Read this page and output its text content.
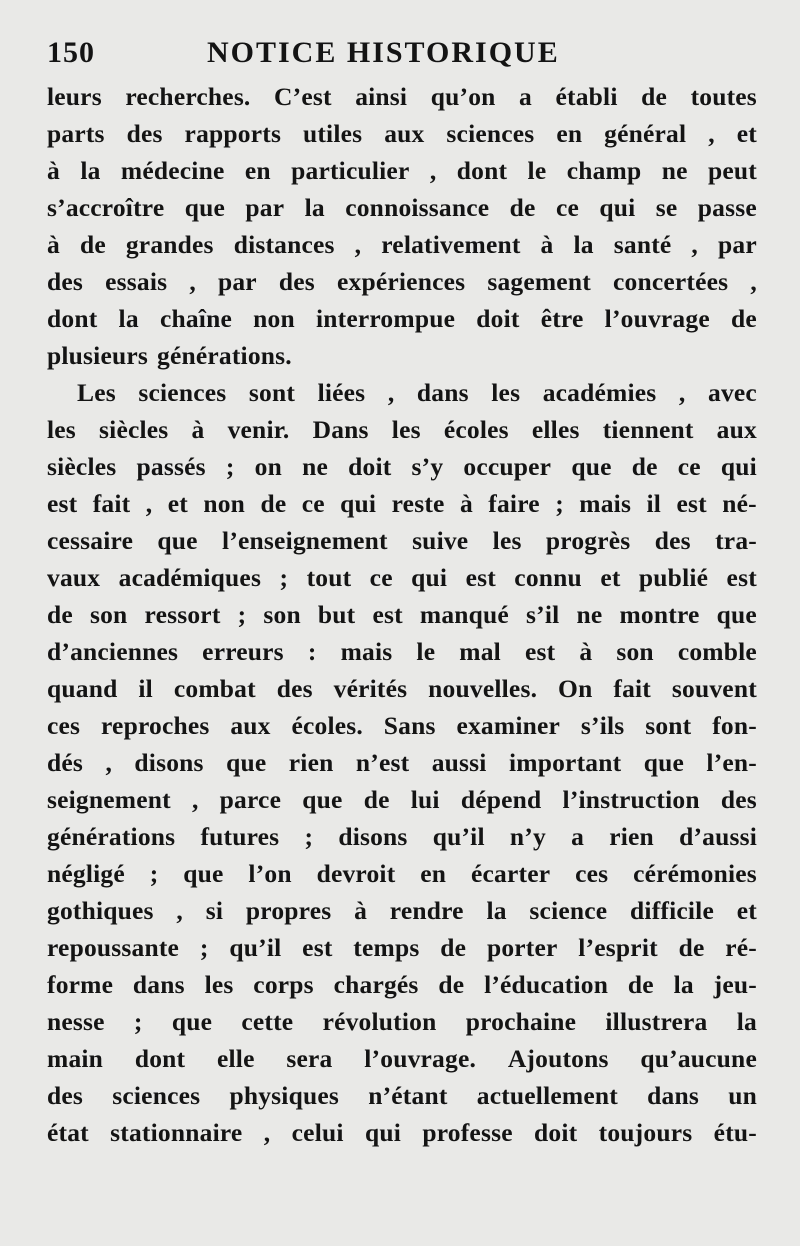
150	NOTICE HISTORIQUE
leurs recherches. C’est ainsi qu’on a établi de toutes
parts des rapports utiles aux sciences en général , et
à la médecine en particulier , dont le champ ne peut
s’accroître que par la connoissance de ce qui se passe
à de grandes distances , relativement à la santé , par
des essais , par des expériences sagement concertées ,
dont la chaîne non interrompue doit être l’ouvrage de
plusieurs générations.
Les sciences sont liées , dans les académies , avec
les siècles à venir. Dans les écoles elles tiennent aux
siècles passés ; on ne doit s’y occuper que de ce qui
est fait , et non de ce qui reste à faire ; mais il est né-
cessaire que l’enseignement suive les progrès des tra-
vaux académiques ; tout ce qui est connu et publié est
de son ressort ; son but est manqué s’il ne montre que
d’anciennes erreurs : mais le mal est à son comble
quand il combat des vérités nouvelles. On fait souvent
ces reproches aux écoles. Sans examiner s’ils sont fon-
dés , disons que rien n’est aussi important que l’en-
seignement , parce que de lui dépend l’instruction des
générations futures ; disons qu’il n’y a rien d’aussi
négligé ; que l’on devroit en écarter ces cérémonies
gothiques , si propres à rendre la science difficile et
repoussante ; qu’il est temps de porter l’esprit de ré-
forme dans les corps chargés de l’éducation de la jeu-
nesse ; que cette révolution prochaine illustrera la
main dont elle sera l’ouvrage. Ajoutons qu’aucune
des sciences physiques n’étant actuellement dans un
état stationnaire , celui qui professe doit toujours étu-
